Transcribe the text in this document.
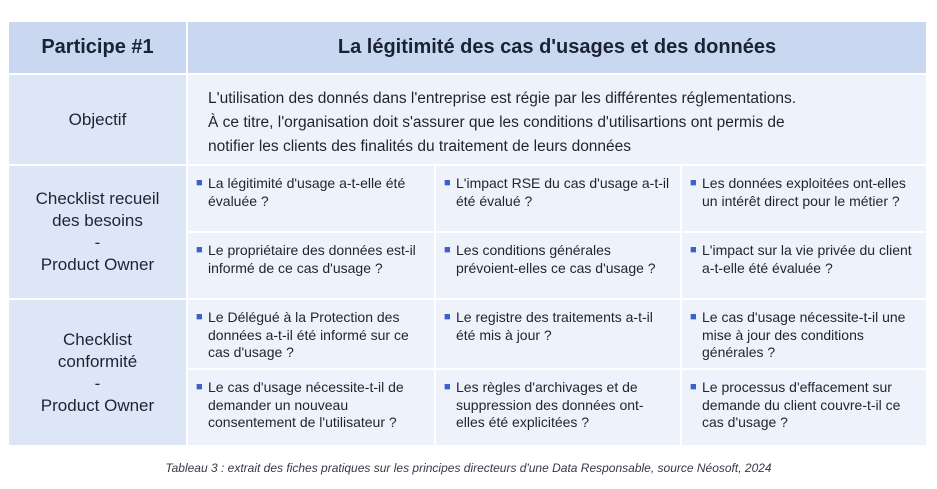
Participe #1	La légitimité des cas d'usages et des données
Objectif
L'utilisation des donnés dans l'entreprise est régie par les différentes réglementations.
À ce titre, l'organisation doit s'assurer que les conditions d'utilisartions ont permis de
notifier les clients des finalités du traitement de leurs données
Checklist recueil
des besoins
-
Product Owner
■ La légitimité d'usage a-t-elle été évaluée ?
■ L'impact RSE du cas d'usage a-t-il été évalué ?
■ Les données exploitées ont-elles un intérêt direct pour le métier ?
■ Le propriétaire des données est-il informé de ce cas d'usage ?
■ Les conditions générales prévoient-elles ce cas d'usage ?
■ L'impact sur la vie privée du client a-t-elle été évaluée ?
Checklist
conformité
-
Product Owner
■ Le Délégué à la Protection des données a-t-il été informé sur ce cas d'usage ?
■ Le registre des traitements a-t-il été mis à jour ?
■ Le cas d'usage nécessite-t-il une mise à jour des conditions générales ?
■ Le cas d'usage nécessite-t-il de demander un nouveau consentement de l'utilisateur ?
■ Les règles d'archivages et de suppression des données ont-elles été explicitées ?
■ Le processus d'effacement sur demande du client couvre-t-il ce cas d'usage ?
Tableau 3 : extrait des fiches pratiques sur les principes directeurs d'une Data Responsable, source Néosoft, 2024
